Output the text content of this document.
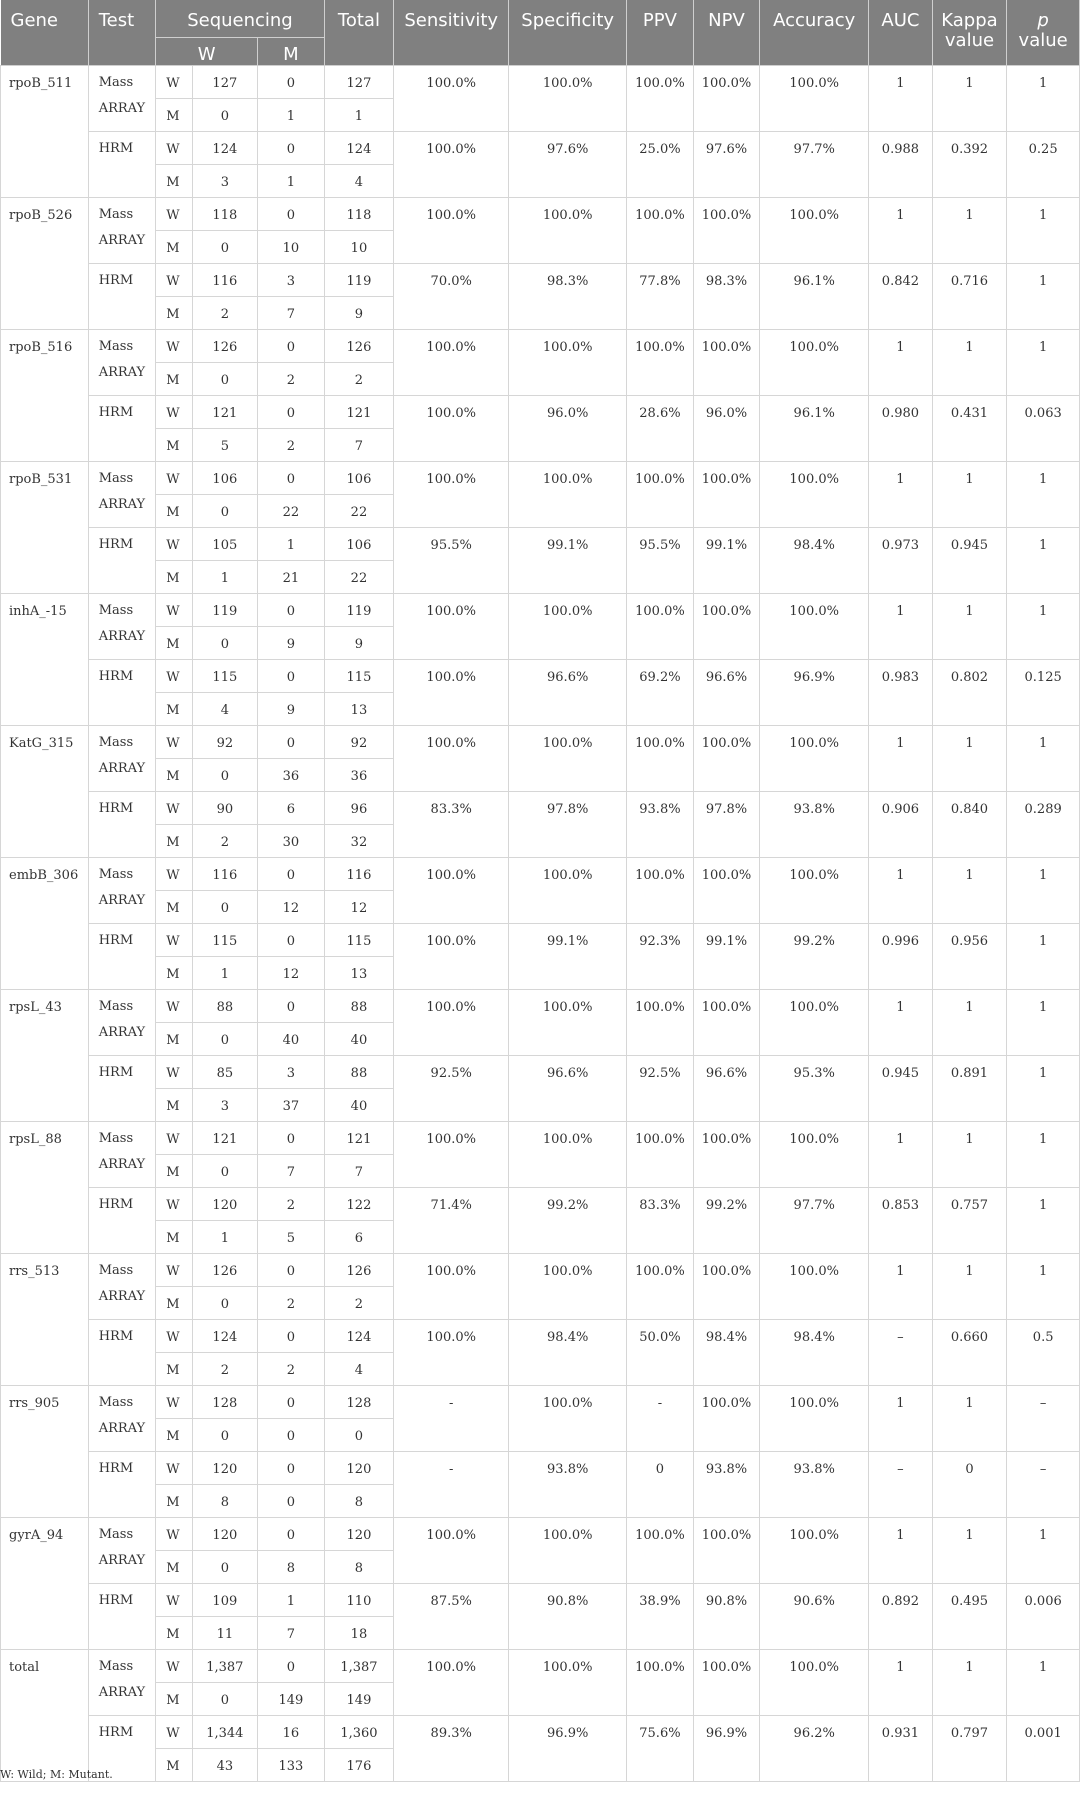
Gene	Test	Sequencing			Total	Sensitivity	Specificity	PPV	NPV	Accuracy	AUC	Kappa value	p
value
		W		M									
rpoB_511	Mass ARRAY	W	127	0	127	100.0%	100.0%	100.0%	100.0%	100.0%	1	1	1
		M	0	1	1								
	HRM	W	124	0	124	100.0%	97.6%	25.0%	97.6%	97.7%	0.988	0.392	0.25
		M	3	1	4								
rpoB_526	Mass ARRAY	W	118	0	118	100.0%	100.0%	100.0%	100.0%	100.0%	1	1	1
		M	0	10	10								
	HRM	W	116	3	119	70.0%	98.3%	77.8%	98.3%	96.1%	0.842	0.716	1
		M	2	7	9								
rpoB_516	Mass ARRAY	W	126	0	126	100.0%	100.0%	100.0%	100.0%	100.0%	1	1	1
		M	0	2	2								
	HRM	W	121	0	121	100.0%	96.0%	28.6%	96.0%	96.1%	0.980	0.431	0.063
		M	5	2	7								
rpoB_531	Mass ARRAY	W	106	0	106	100.0%	100.0%	100.0%	100.0%	100.0%	1	1	1
		M	0	22	22								
	HRM	W	105	1	106	95.5%	99.1%	95.5%	99.1%	98.4%	0.973	0.945	1
		M	1	21	22								
inhA_-15	Mass ARRAY	W	119	0	119	100.0%	100.0%	100.0%	100.0%	100.0%	1	1	1
		M	0	9	9								
	HRM	W	115	0	115	100.0%	96.6%	69.2%	96.6%	96.9%	0.983	0.802	0.125
		M	4	9	13								
KatG_315	Mass ARRAY	W	92	0	92	100.0%	100.0%	100.0%	100.0%	100.0%	1	1	1
		M	0	36	36								
	HRM	W	90	6	96	83.3%	97.8%	93.8%	97.8%	93.8%	0.906	0.840	0.289
		M	2	30	32								
embB_306	Mass ARRAY	W	116	0	116	100.0%	100.0%	100.0%	100.0%	100.0%	1	1	1
		M	0	12	12								
	HRM	W	115	0	115	100.0%	99.1%	92.3%	99.1%	99.2%	0.996	0.956	1
		M	1	12	13								
rpsL_43	Mass ARRAY	W	88	0	88	100.0%	100.0%	100.0%	100.0%	100.0%	1	1	1
		M	0	40	40								
	HRM	W	85	3	88	92.5%	96.6%	92.5%	96.6%	95.3%	0.945	0.891	1
		M	3	37	40								
rpsL_88	Mass ARRAY	W	121	0	121	100.0%	100.0%	100.0%	100.0%	100.0%	1	1	1
		M	0	7	7								
	HRM	W	120	2	122	71.4%	99.2%	83.3%	99.2%	97.7%	0.853	0.757	1
		M	1	5	6								
rrs_513	Mass ARRAY	W	126	0	126	100.0%	100.0%	100.0%	100.0%	100.0%	1	1	1
		M	0	2	2								
	HRM	W	124	0	124	100.0%	98.4%	50.0%	98.4%	98.4%	–	0.660	0.5
		M	2	2	4								
rrs_905	Mass ARRAY	W	128	0	128	-	100.0%	-	100.0%	100.0%	1	1	–
		M	0	0	0								
	HRM	W	120	0	120	-	93.8%	0	93.8%	93.8%	–	0	–
		M	8	0	8								
gyrA_94	Mass ARRAY	W	120	0	120	100.0%	100.0%	100.0%	100.0%	100.0%	1	1	1
		M	0	8	8								
	HRM	W	109	1	110	87.5%	90.8%	38.9%	90.8%	90.6%	0.892	0.495	0.006
		M	11	7	18								
total	Mass ARRAY	W	1,387	0	1,387	100.0%	100.0%	100.0%	100.0%	100.0%	1	1	1
		M	0	149	149								
	HRM	W	1,344	16	1,360	89.3%	96.9%	75.6%	96.9%	96.2%	0.931	0.797	0.001
		M	43	133	176								
W: Wild; M: Mutant.
